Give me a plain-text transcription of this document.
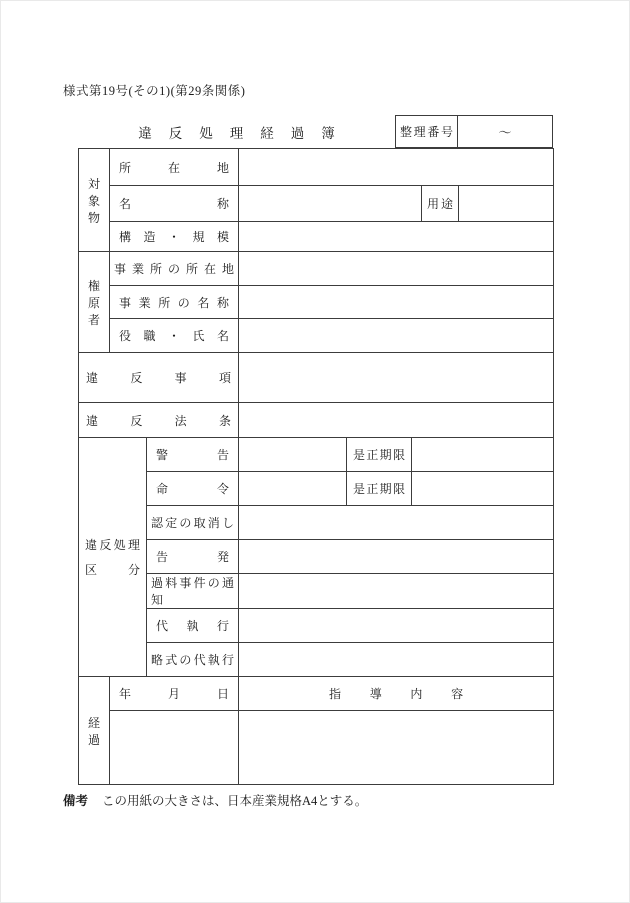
様式第19号(その1)(第29条関係)
違 反 処 理 経 過 簿	整理番号	〜
対
象
物	所在地						
	名称					用途	
	構造・規模						

権
原
者	事業所の所在地						
	事業所の名称						
	役職・氏名						
違反事項							
違反法条							

違反処理
区分		警告		是正期限			
		命令		是正期限			
		認定の取消し					
		告発					
		過料事件の通知					
		代執行					
		略式の代執行					

経
過	年月日		指導内容				

備考 この用紙の大きさは、日本産業規格A4とする。
